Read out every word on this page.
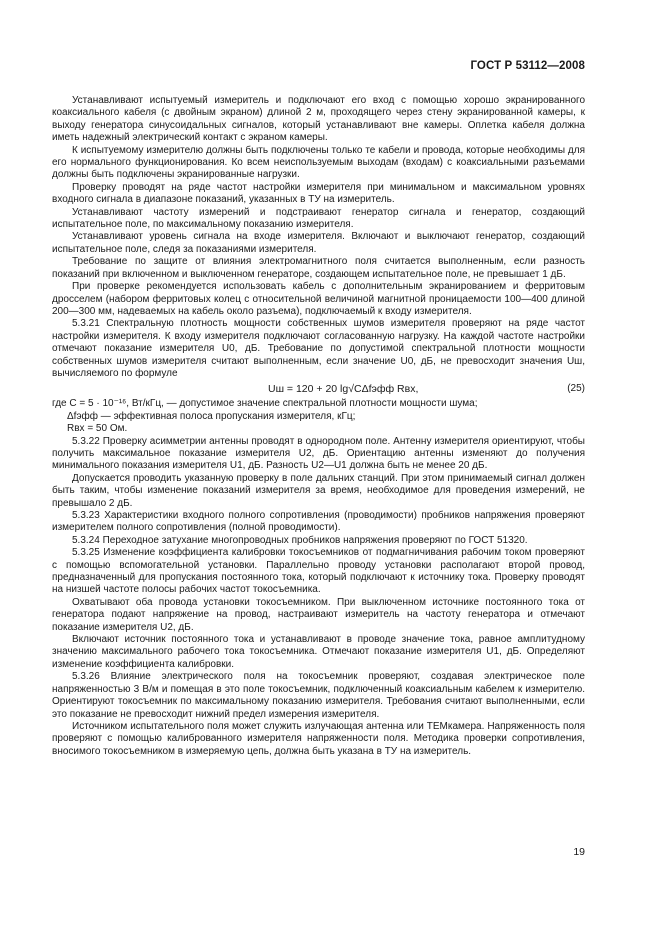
ГОСТ Р 53112—2008

Устанавливают испытуемый измеритель и подключают его вход с помощью хорошо экранированного коаксиального кабеля (с двойным экраном) длиной 2 м, проходящего через стену экранированной камеры, к выходу генератора синусоидальных сигналов, который устанавливают вне камеры. Оплетка кабеля должна иметь надежный электрический контакт с экраном камеры.

К испытуемому измерителю должны быть подключены только те кабели и провода, которые необходимы для его нормального функционирования. Ко всем неиспользуемым выходам (входам) с коаксиальными разъемами должны быть подключены экранированные нагрузки.

Проверку проводят на ряде частот настройки измерителя при минимальном и максимальном уровнях входного сигнала в диапазоне показаний, указанных в ТУ на измеритель.

Устанавливают частоту измерений и подстраивают генератор сигнала и генератор, создающий испытательное поле, по максимальному показанию измерителя.

Устанавливают уровень сигнала на входе измерителя. Включают и выключают генератор, создающий испытательное поле, следя за показаниями измерителя.

Требование по защите от влияния электромагнитного поля считается выполненным, если разность показаний при включенном и выключенном генераторе, создающем испытательное поле, не превышает 1 дБ.

При проверке рекомендуется использовать кабель с дополнительным экранированием и ферритовым дросселем (набором ферритовых колец с относительной величиной магнитной проницаемости 100—400 длиной 200—300 мм, надеваемых на кабель около разъема), подключаемый к входу измерителя.

5.3.21 Спектральную плотность мощности собственных шумов измерителя проверяют на ряде частот настройки измерителя. К входу измерителя подключают согласованную нагрузку. На каждой частоте настройки отмечают показание измерителя U0, дБ. Требование по допустимой спектральной плотности мощности собственных шумов измерителя считают выполненным, если значение U0, дБ, не превосходит значения Uш, вычисляемого по формуле

Uш = 120 + 20 lg√CΔfэфф Rвх,	(25)

где C = 5 · 10⁻¹⁶, Вт/кГц, — допустимое значение спектральной плотности мощности шума;

Δfэфф — эффективная полоса пропускания измерителя, кГц;

Rвх = 50 Ом.

5.3.22 Проверку асимметрии антенны проводят в однородном поле. Антенну измерителя ориентируют, чтобы получить максимальное показание измерителя U2, дБ. Ориентацию антенны изменяют до получения минимального показания измерителя U1, дБ. Разность U2—U1 должна быть не менее 20 дБ.

Допускается проводить указанную проверку в поле дальних станций. При этом принимаемый сигнал должен быть таким, чтобы изменение показаний измерителя за время, необходимое для проведения измерений, не превышало 2 дБ.

5.3.23 Характеристики входного полного сопротивления (проводимости) пробников напряжения проверяют измерителем полного сопротивления (полной проводимости).

5.3.24 Переходное затухание многопроводных пробников напряжения проверяют по ГОСТ 51320.

5.3.25 Изменение коэффициента калибровки токосъемников от подмагничивания рабочим током проверяют с помощью вспомогательной установки. Параллельно проводу установки располагают второй провод, предназначенный для пропускания постоянного тока, который подключают к источнику тока. Проверку проводят на низшей частоте полосы рабочих частот токосъемника.

Охватывают оба провода установки токосъемником. При выключенном источнике постоянного тока от генератора подают напряжение на провод, настраивают измеритель на частоту генератора и отмечают показание измерителя U2, дБ.

Включают источник постоянного тока и устанавливают в проводе значение тока, равное амплитудному значению максимального рабочего тока токосъемника. Отмечают показание измерителя U1, дБ. Определяют изменение коэффициента калибровки.

5.3.26 Влияние электрического поля на токосъемник проверяют, создавая электрическое поле напряженностью 3 В/м и помещая в это поле токосъемник, подключенный коаксиальным кабелем к измерителю. Ориентируют токосъемник по максимальному показанию измерителя. Требования считают выполненными, если это показание не превосходит нижний предел измерения измерителя.

Источником испытательного поля может служить излучающая антенна или ТЕМкамера. Напряженность поля проверяют с помощью калиброванного измерителя напряженности поля. Методика проверки сопротивления, вносимого токосъемником в измеряемую цепь, должна быть указана в ТУ на измеритель.

19
